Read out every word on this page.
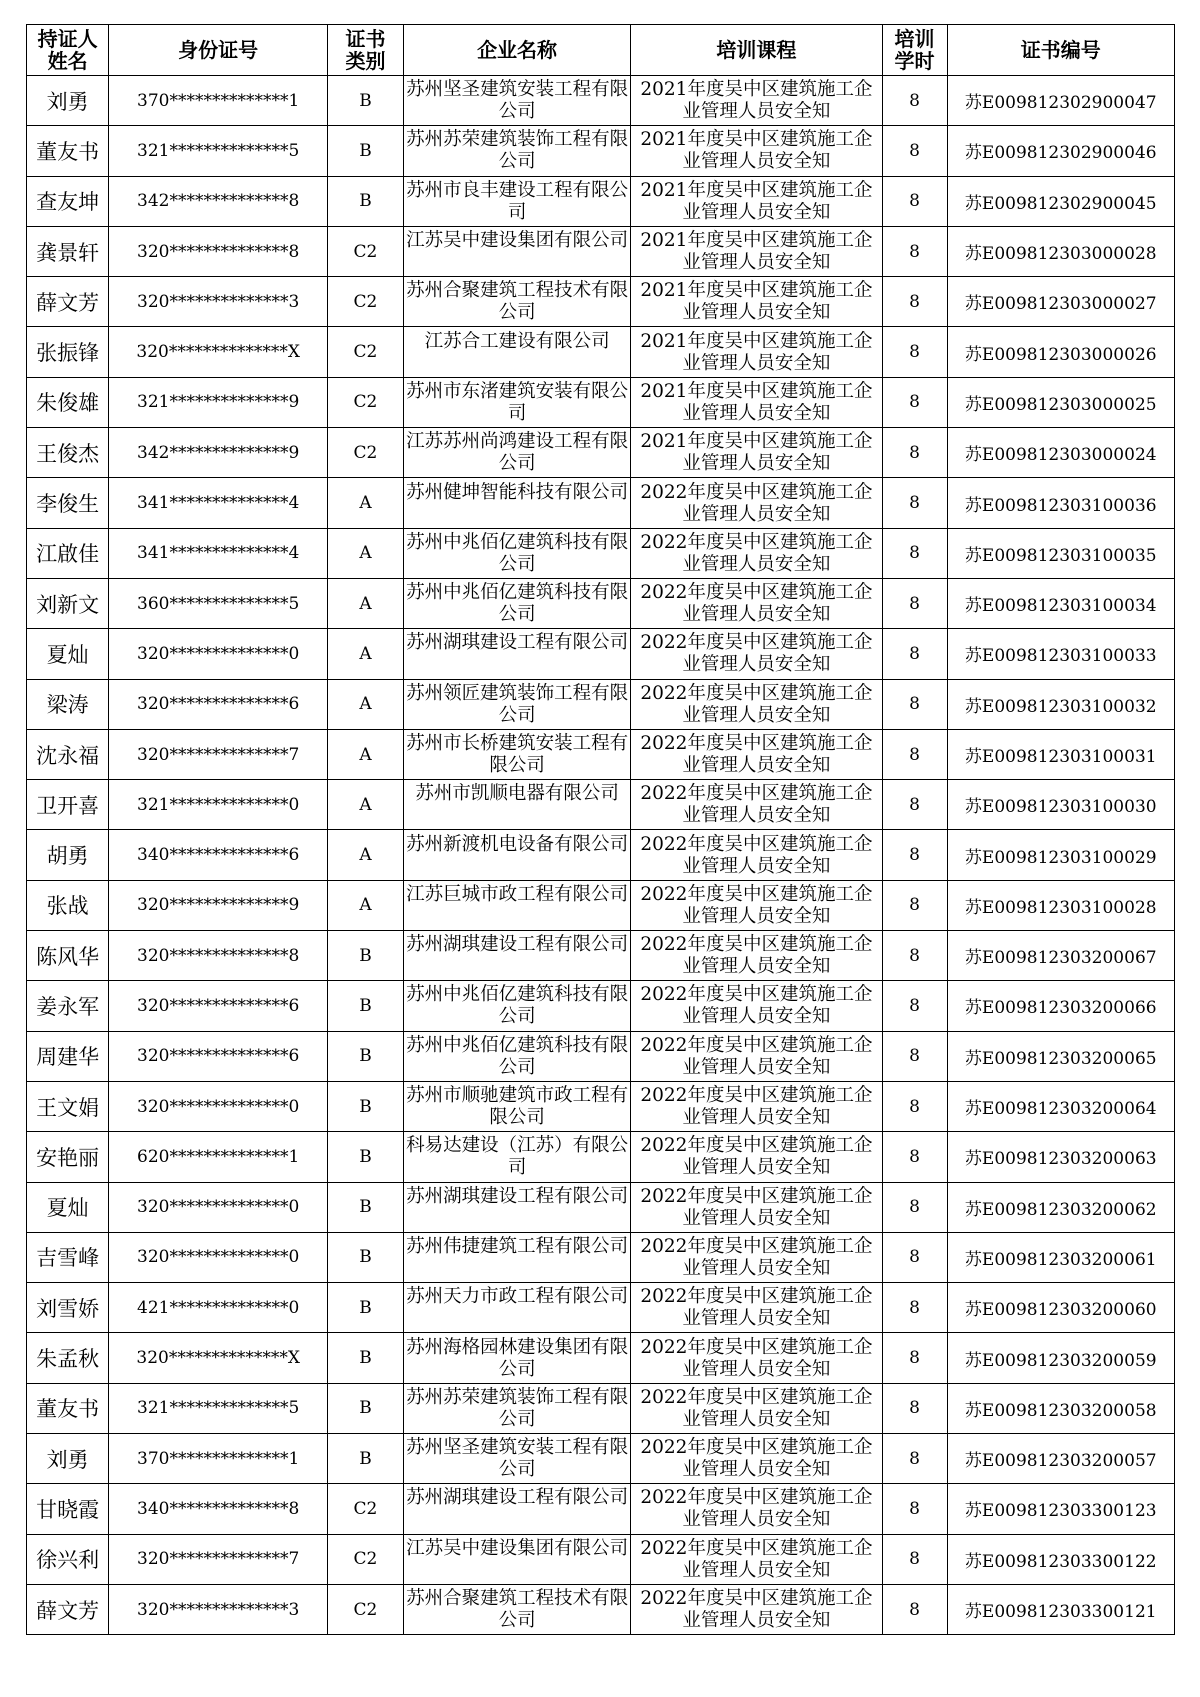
持证人姓名	身份证号	证书类别	企业名称	培训课程	培训学时	证书编号
刘勇	370**************1	B	苏州坚圣建筑安装工程有限公司	2021年度吴中区建筑施工企业管理人员安全知	8	苏E009812302900047
董友书	321**************5	B	苏州苏荣建筑装饰工程有限公司	2021年度吴中区建筑施工企业管理人员安全知	8	苏E009812302900046
查友坤	342**************8	B	苏州市良丰建设工程有限公司	2021年度吴中区建筑施工企业管理人员安全知	8	苏E009812302900045
龚景轩	320**************8	C2	江苏吴中建设集团有限公司	2021年度吴中区建筑施工企业管理人员安全知	8	苏E009812303000028
薛文芳	320**************3	C2	苏州合聚建筑工程技术有限公司	2021年度吴中区建筑施工企业管理人员安全知	8	苏E009812303000027
张振锋	320**************X	C2	江苏合工建设有限公司	2021年度吴中区建筑施工企业管理人员安全知	8	苏E009812303000026
朱俊雄	321**************9	C2	苏州市东渚建筑安装有限公司	2021年度吴中区建筑施工企业管理人员安全知	8	苏E009812303000025
王俊杰	342**************9	C2	江苏苏州尚鸿建设工程有限公司	2021年度吴中区建筑施工企业管理人员安全知	8	苏E009812303000024
李俊生	341**************4	A	苏州健坤智能科技有限公司	2022年度吴中区建筑施工企业管理人员安全知	8	苏E009812303100036
江啟佳	341**************4	A	苏州中兆佰亿建筑科技有限公司	2022年度吴中区建筑施工企业管理人员安全知	8	苏E009812303100035
刘新文	360**************5	A	苏州中兆佰亿建筑科技有限公司	2022年度吴中区建筑施工企业管理人员安全知	8	苏E009812303100034
夏灿	320**************0	A	苏州湖琪建设工程有限公司	2022年度吴中区建筑施工企业管理人员安全知	8	苏E009812303100033
梁涛	320**************6	A	苏州领匠建筑装饰工程有限公司	2022年度吴中区建筑施工企业管理人员安全知	8	苏E009812303100032
沈永福	320**************7	A	苏州市长桥建筑安装工程有限公司	2022年度吴中区建筑施工企业管理人员安全知	8	苏E009812303100031
卫开喜	321**************0	A	苏州市凯顺电器有限公司	2022年度吴中区建筑施工企业管理人员安全知	8	苏E009812303100030
胡勇	340**************6	A	苏州新渡机电设备有限公司	2022年度吴中区建筑施工企业管理人员安全知	8	苏E009812303100029
张战	320**************9	A	江苏巨城市政工程有限公司	2022年度吴中区建筑施工企业管理人员安全知	8	苏E009812303100028
陈风华	320**************8	B	苏州湖琪建设工程有限公司	2022年度吴中区建筑施工企业管理人员安全知	8	苏E009812303200067
姜永军	320**************6	B	苏州中兆佰亿建筑科技有限公司	2022年度吴中区建筑施工企业管理人员安全知	8	苏E009812303200066
周建华	320**************6	B	苏州中兆佰亿建筑科技有限公司	2022年度吴中区建筑施工企业管理人员安全知	8	苏E009812303200065
王文娟	320**************0	B	苏州市顺驰建筑市政工程有限公司	2022年度吴中区建筑施工企业管理人员安全知	8	苏E009812303200064
安艳丽	620**************1	B	科易达建设（江苏）有限公司	2022年度吴中区建筑施工企业管理人员安全知	8	苏E009812303200063
夏灿	320**************0	B	苏州湖琪建设工程有限公司	2022年度吴中区建筑施工企业管理人员安全知	8	苏E009812303200062
吉雪峰	320**************0	B	苏州伟捷建筑工程有限公司	2022年度吴中区建筑施工企业管理人员安全知	8	苏E009812303200061
刘雪娇	421**************0	B	苏州天力市政工程有限公司	2022年度吴中区建筑施工企业管理人员安全知	8	苏E009812303200060
朱孟秋	320**************X	B	苏州海格园林建设集团有限公司	2022年度吴中区建筑施工企业管理人员安全知	8	苏E009812303200059
董友书	321**************5	B	苏州苏荣建筑装饰工程有限公司	2022年度吴中区建筑施工企业管理人员安全知	8	苏E009812303200058
刘勇	370**************1	B	苏州坚圣建筑安装工程有限公司	2022年度吴中区建筑施工企业管理人员安全知	8	苏E009812303200057
甘晓霞	340**************8	C2	苏州湖琪建设工程有限公司	2022年度吴中区建筑施工企业管理人员安全知	8	苏E009812303300123
徐兴利	320**************7	C2	江苏吴中建设集团有限公司	2022年度吴中区建筑施工企业管理人员安全知	8	苏E009812303300122
薛文芳	320**************3	C2	苏州合聚建筑工程技术有限公司	2022年度吴中区建筑施工企业管理人员安全知	8	苏E009812303300121
